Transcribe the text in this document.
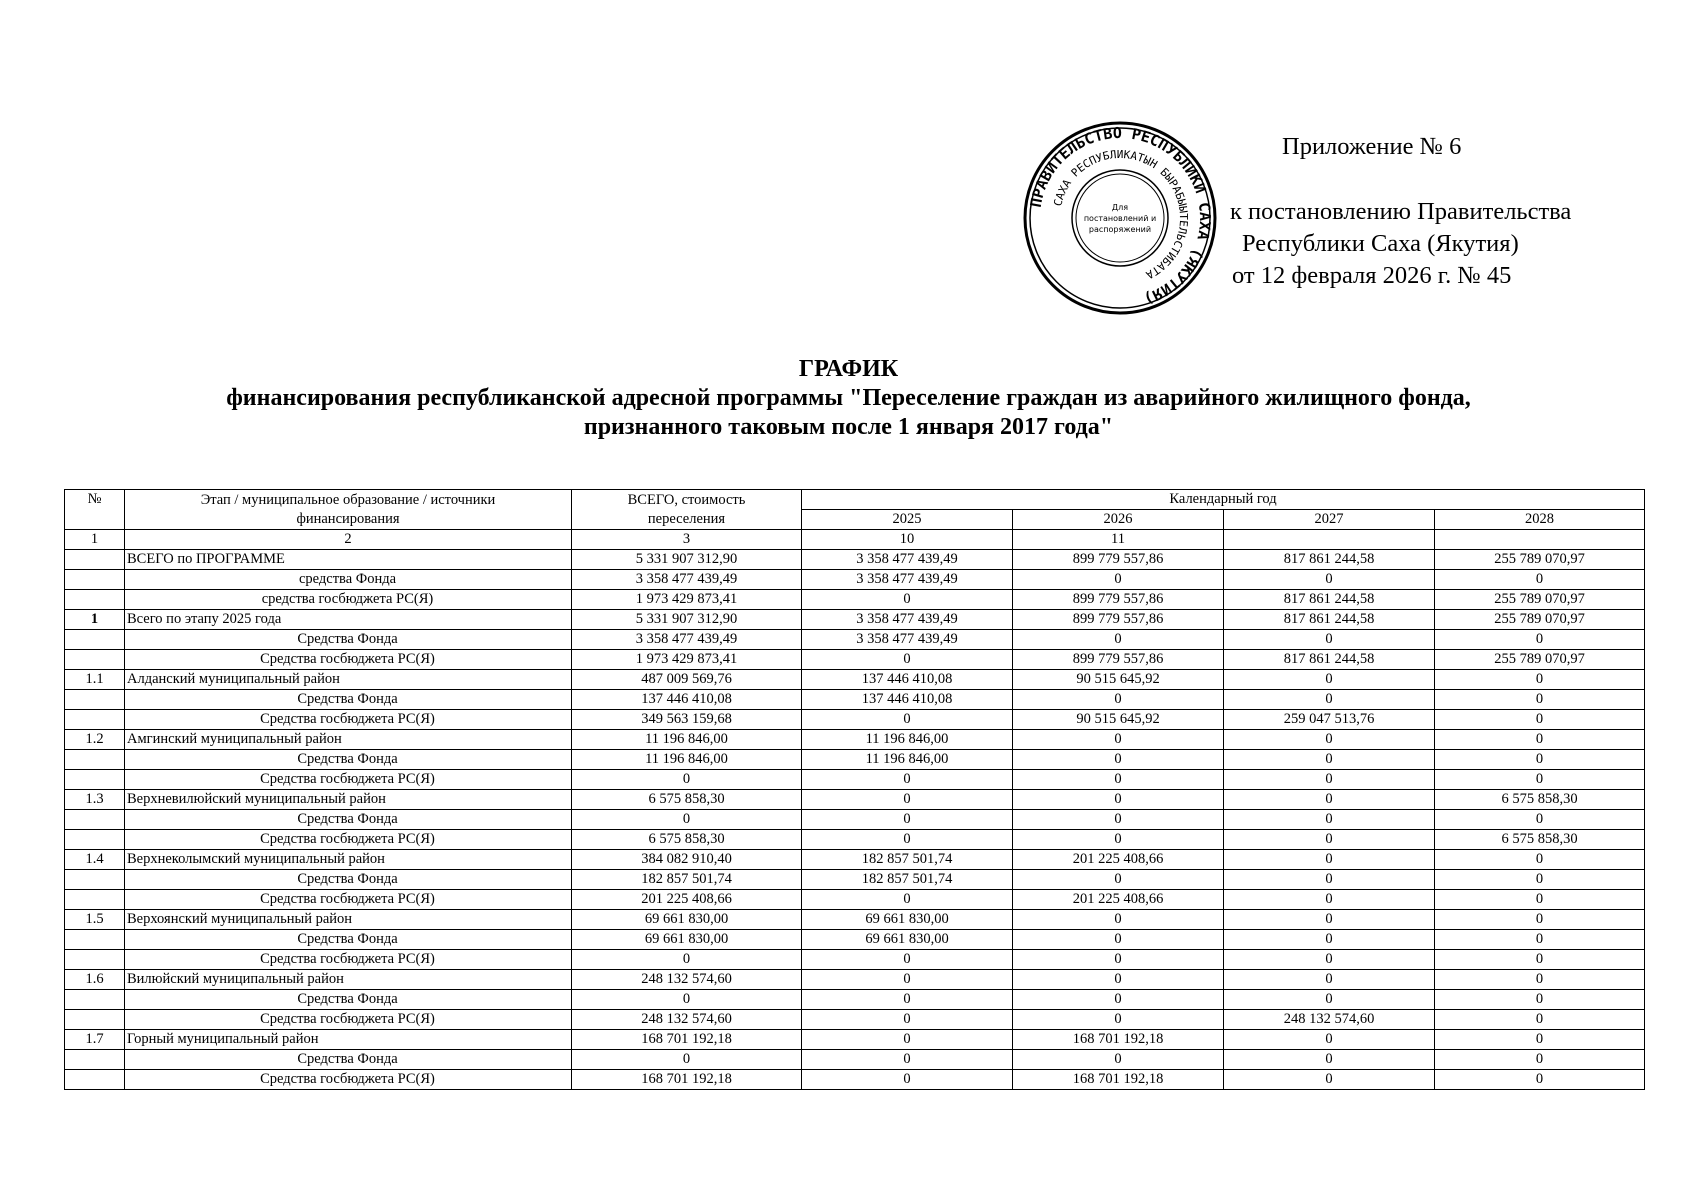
Приложение № 6
к постановлению Правительства
Республики Саха (Якутия)
от 12 февраля 2026 г. № 45
ПРАВИТЕЛЬСТВО РЕСПУБЛИКИ САХА (ЯКУТИЯ)
САХА РЕСПУБЛИКАТЫН БЫРАБЫЫТЕЛЬСТИБАТА
Для
постановлений и
распоряжений
ГРАФИК
финансирования республиканской адресной программы "Переселение граждан из аварийного жилищного фонда,
признанного таковым после 1 января 2017 года"
№	Этап / муниципальное образование / источники финансирования	ВСЕГО, стоимость переселения	Календарный год			
			2025	2026	2027	2028
1	2	3	10	11		
	ВСЕГО по ПРОГРАММЕ	5 331 907 312,90	3 358 477 439,49	899 779 557,86	817 861 244,58	255 789 070,97
	средства Фонда	3 358 477 439,49	3 358 477 439,49	0	0	0
	средства госбюджета РС(Я)	1 973 429 873,41	0	899 779 557,86	817 861 244,58	255 789 070,97
1	Всего по этапу 2025 года	5 331 907 312,90	3 358 477 439,49	899 779 557,86	817 861 244,58	255 789 070,97
	Средства Фонда	3 358 477 439,49	3 358 477 439,49	0	0	0
	Средства госбюджета РС(Я)	1 973 429 873,41	0	899 779 557,86	817 861 244,58	255 789 070,97
1.1	Алданский муниципальный район	487 009 569,76	137 446 410,08	90 515 645,92	0	0
	Средства Фонда	137 446 410,08	137 446 410,08	0	0	0
	Средства госбюджета РС(Я)	349 563 159,68	0	90 515 645,92	259 047 513,76	0
1.2	Амгинский муниципальный район	11 196 846,00	11 196 846,00	0	0	0
	Средства Фонда	11 196 846,00	11 196 846,00	0	0	0
	Средства госбюджета РС(Я)	0	0	0	0	0
1.3	Верхневилюйский муниципальный район	6 575 858,30	0	0	0	6 575 858,30
	Средства Фонда	0	0	0	0	0
	Средства госбюджета РС(Я)	6 575 858,30	0	0	0	6 575 858,30
1.4	Верхнеколымский муниципальный район	384 082 910,40	182 857 501,74	201 225 408,66	0	0
	Средства Фонда	182 857 501,74	182 857 501,74	0	0	0
	Средства госбюджета РС(Я)	201 225 408,66	0	201 225 408,66	0	0
1.5	Верхоянский муниципальный район	69 661 830,00	69 661 830,00	0	0	0
	Средства Фонда	69 661 830,00	69 661 830,00	0	0	0
	Средства госбюджета РС(Я)	0	0	0	0	0
1.6	Вилюйский муниципальный район	248 132 574,60	0	0	0	0
	Средства Фонда	0	0	0	0	0
	Средства госбюджета РС(Я)	248 132 574,60	0	0	248 132 574,60	0
1.7	Горный муниципальный район	168 701 192,18	0	168 701 192,18	0	0
	Средства Фонда	0	0	0	0	0
	Средства госбюджета РС(Я)	168 701 192,18	0	168 701 192,18	0	0
